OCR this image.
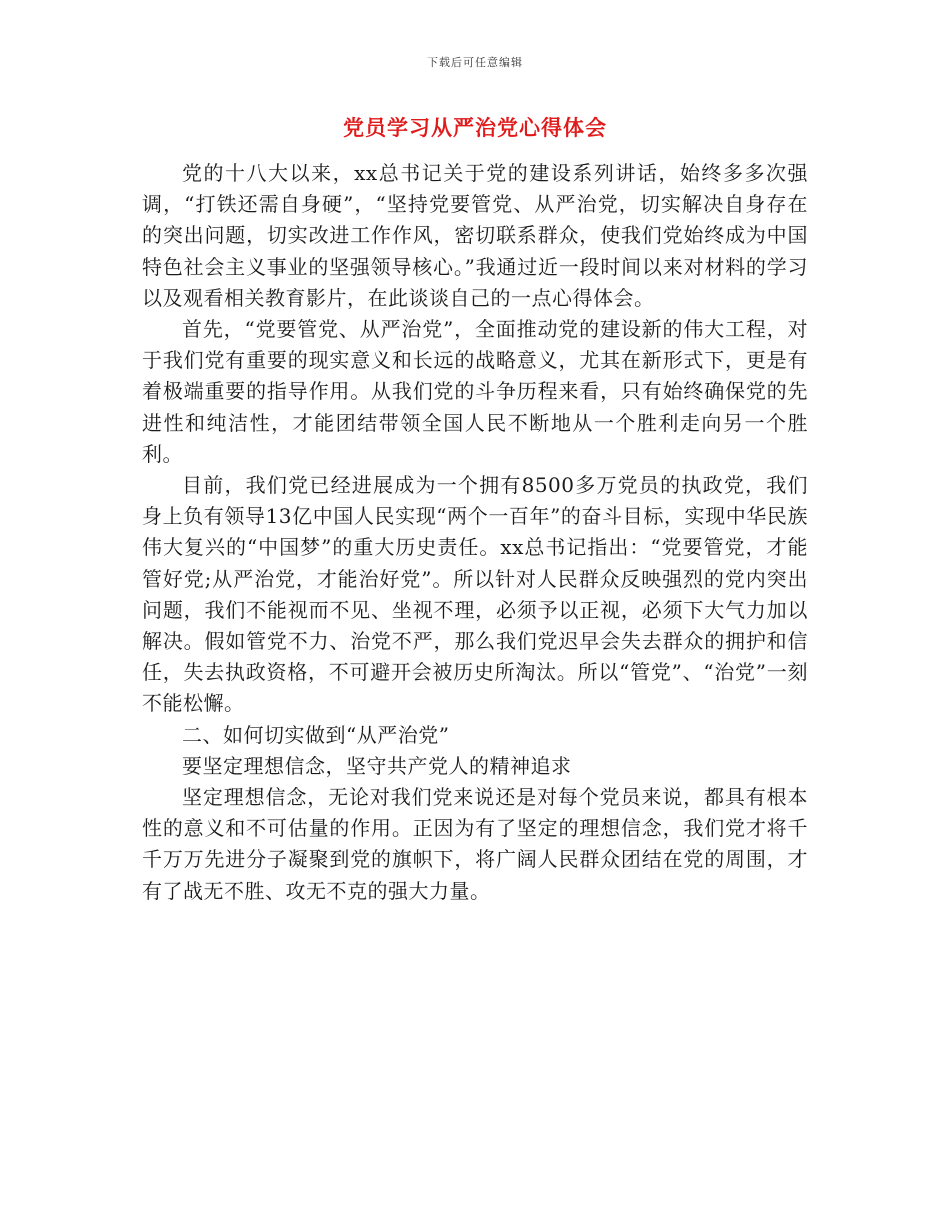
下载后可任意编辑
党员学习从严治党心得体会

党的十八大以来，xx总书记关于党的建设系列讲话，始终多多次强调，“打铁还需自身硬”，“坚持党要管党、从严治党，切实解决自身存在的突出问题，切实改进工作作风，密切联系群众，使我们党始终成为中国特色社会主义事业的坚强领导核心。”我通过近一段时间以来对材料的学习以及观看相关教育影片，在此谈谈自己的一点心得体会。

首先，“党要管党、从严治党”，全面推动党的建设新的伟大工程，对于我们党有重要的现实意义和长远的战略意义，尤其在新形式下，更是有着极端重要的指导作用。从我们党的斗争历程来看，只有始终确保党的先进性和纯洁性，才能团结带领全国人民不断地从一个胜利走向另一个胜利。

目前，我们党已经进展成为一个拥有8500多万党员的执政党，我们身上负有领导13亿中国人民实现“两个一百年”的奋斗目标，实现中华民族伟大复兴的“中国梦”的重大历史责任。xx总书记指出：“党要管党，才能管好党;从严治党，才能治好党”。所以针对人民群众反映强烈的党内突出问题，我们不能视而不见、坐视不理，必须予以正视，必须下大气力加以解决。假如管党不力、治党不严，那么我们党迟早会失去群众的拥护和信任，失去执政资格，不可避开会被历史所淘汰。所以“管党”、“治党”一刻不能松懈。

二、如何切实做到“从严治党”

要坚定理想信念，坚守共产党人的精神追求

坚定理想信念，无论对我们党来说还是对每个党员来说，都具有根本性的意义和不可估量的作用。正因为有了坚定的理想信念，我们党才将千千万万先进分子凝聚到党的旗帜下，将广阔人民群众团结在党的周围，才有了战无不胜、攻无不克的强大力量。
